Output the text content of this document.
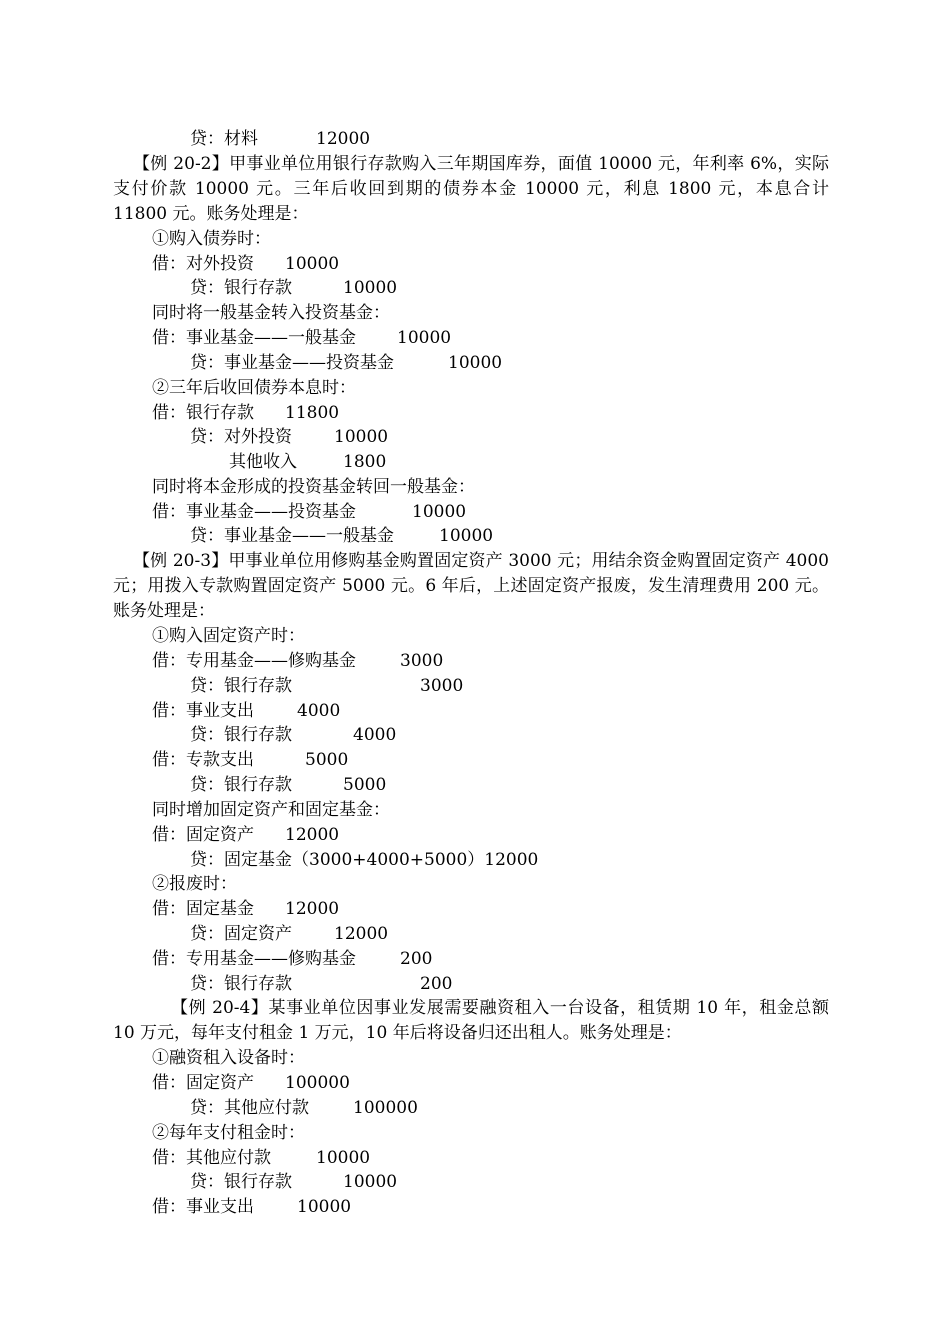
贷：材料	12000
【例 20-2】甲事业单位用银行存款购入三年期国库券，面值 10000 元，年利率 6%，实际支付价款 10000 元。三年后收回到期的债券本金 10000 元，利息 1800 元，本息合计 11800 元。账务处理是：
①购入债券时：
借：对外投资 10000
贷：银行存款	10000
同时将一般基金转入投资基金：
借：事业基金——一般基金 10000
贷：事业基金——投资基金	10000
②三年后收回债券本息时：
借：银行存款 11800
贷：对外投资 10000
其他收入	1800
同时将本金形成的投资基金转回一般基金：
借：事业基金——投资基金	10000
贷：事业基金——一般基金	10000
【例 20-3】甲事业单位用修购基金购置固定资产 3000 元；用结余资金购置固定资产 4000 元；用拨入专款购置固定资产 5000 元。6 年后，上述固定资产报废，发生清理费用 200 元。账务处理是：
①购入固定资产时：
借：专用基金——修购基金	3000
贷：银行存款	3000
借：事业支出	4000
贷：银行存款	4000
借：专款支出	5000
贷：银行存款	5000
同时增加固定资产和固定基金：
借：固定资产 12000
贷：固定基金（3000+4000+5000）12000
②报废时：
借：固定基金 12000
贷：固定资产 12000
借：专用基金——修购基金	200
贷：银行存款	200
【例 20-4】某事业单位因事业发展需要融资租入一台设备，租赁期 10 年，租金总额 10 万元，每年支付租金 1 万元，10 年后将设备归还出租人。账务处理是：
①融资租入设备时：
借：固定资产 100000
贷：其他应付款	100000
②每年支付租金时：
借：其他应付款	10000
贷：银行存款	10000
借：事业支出	10000
